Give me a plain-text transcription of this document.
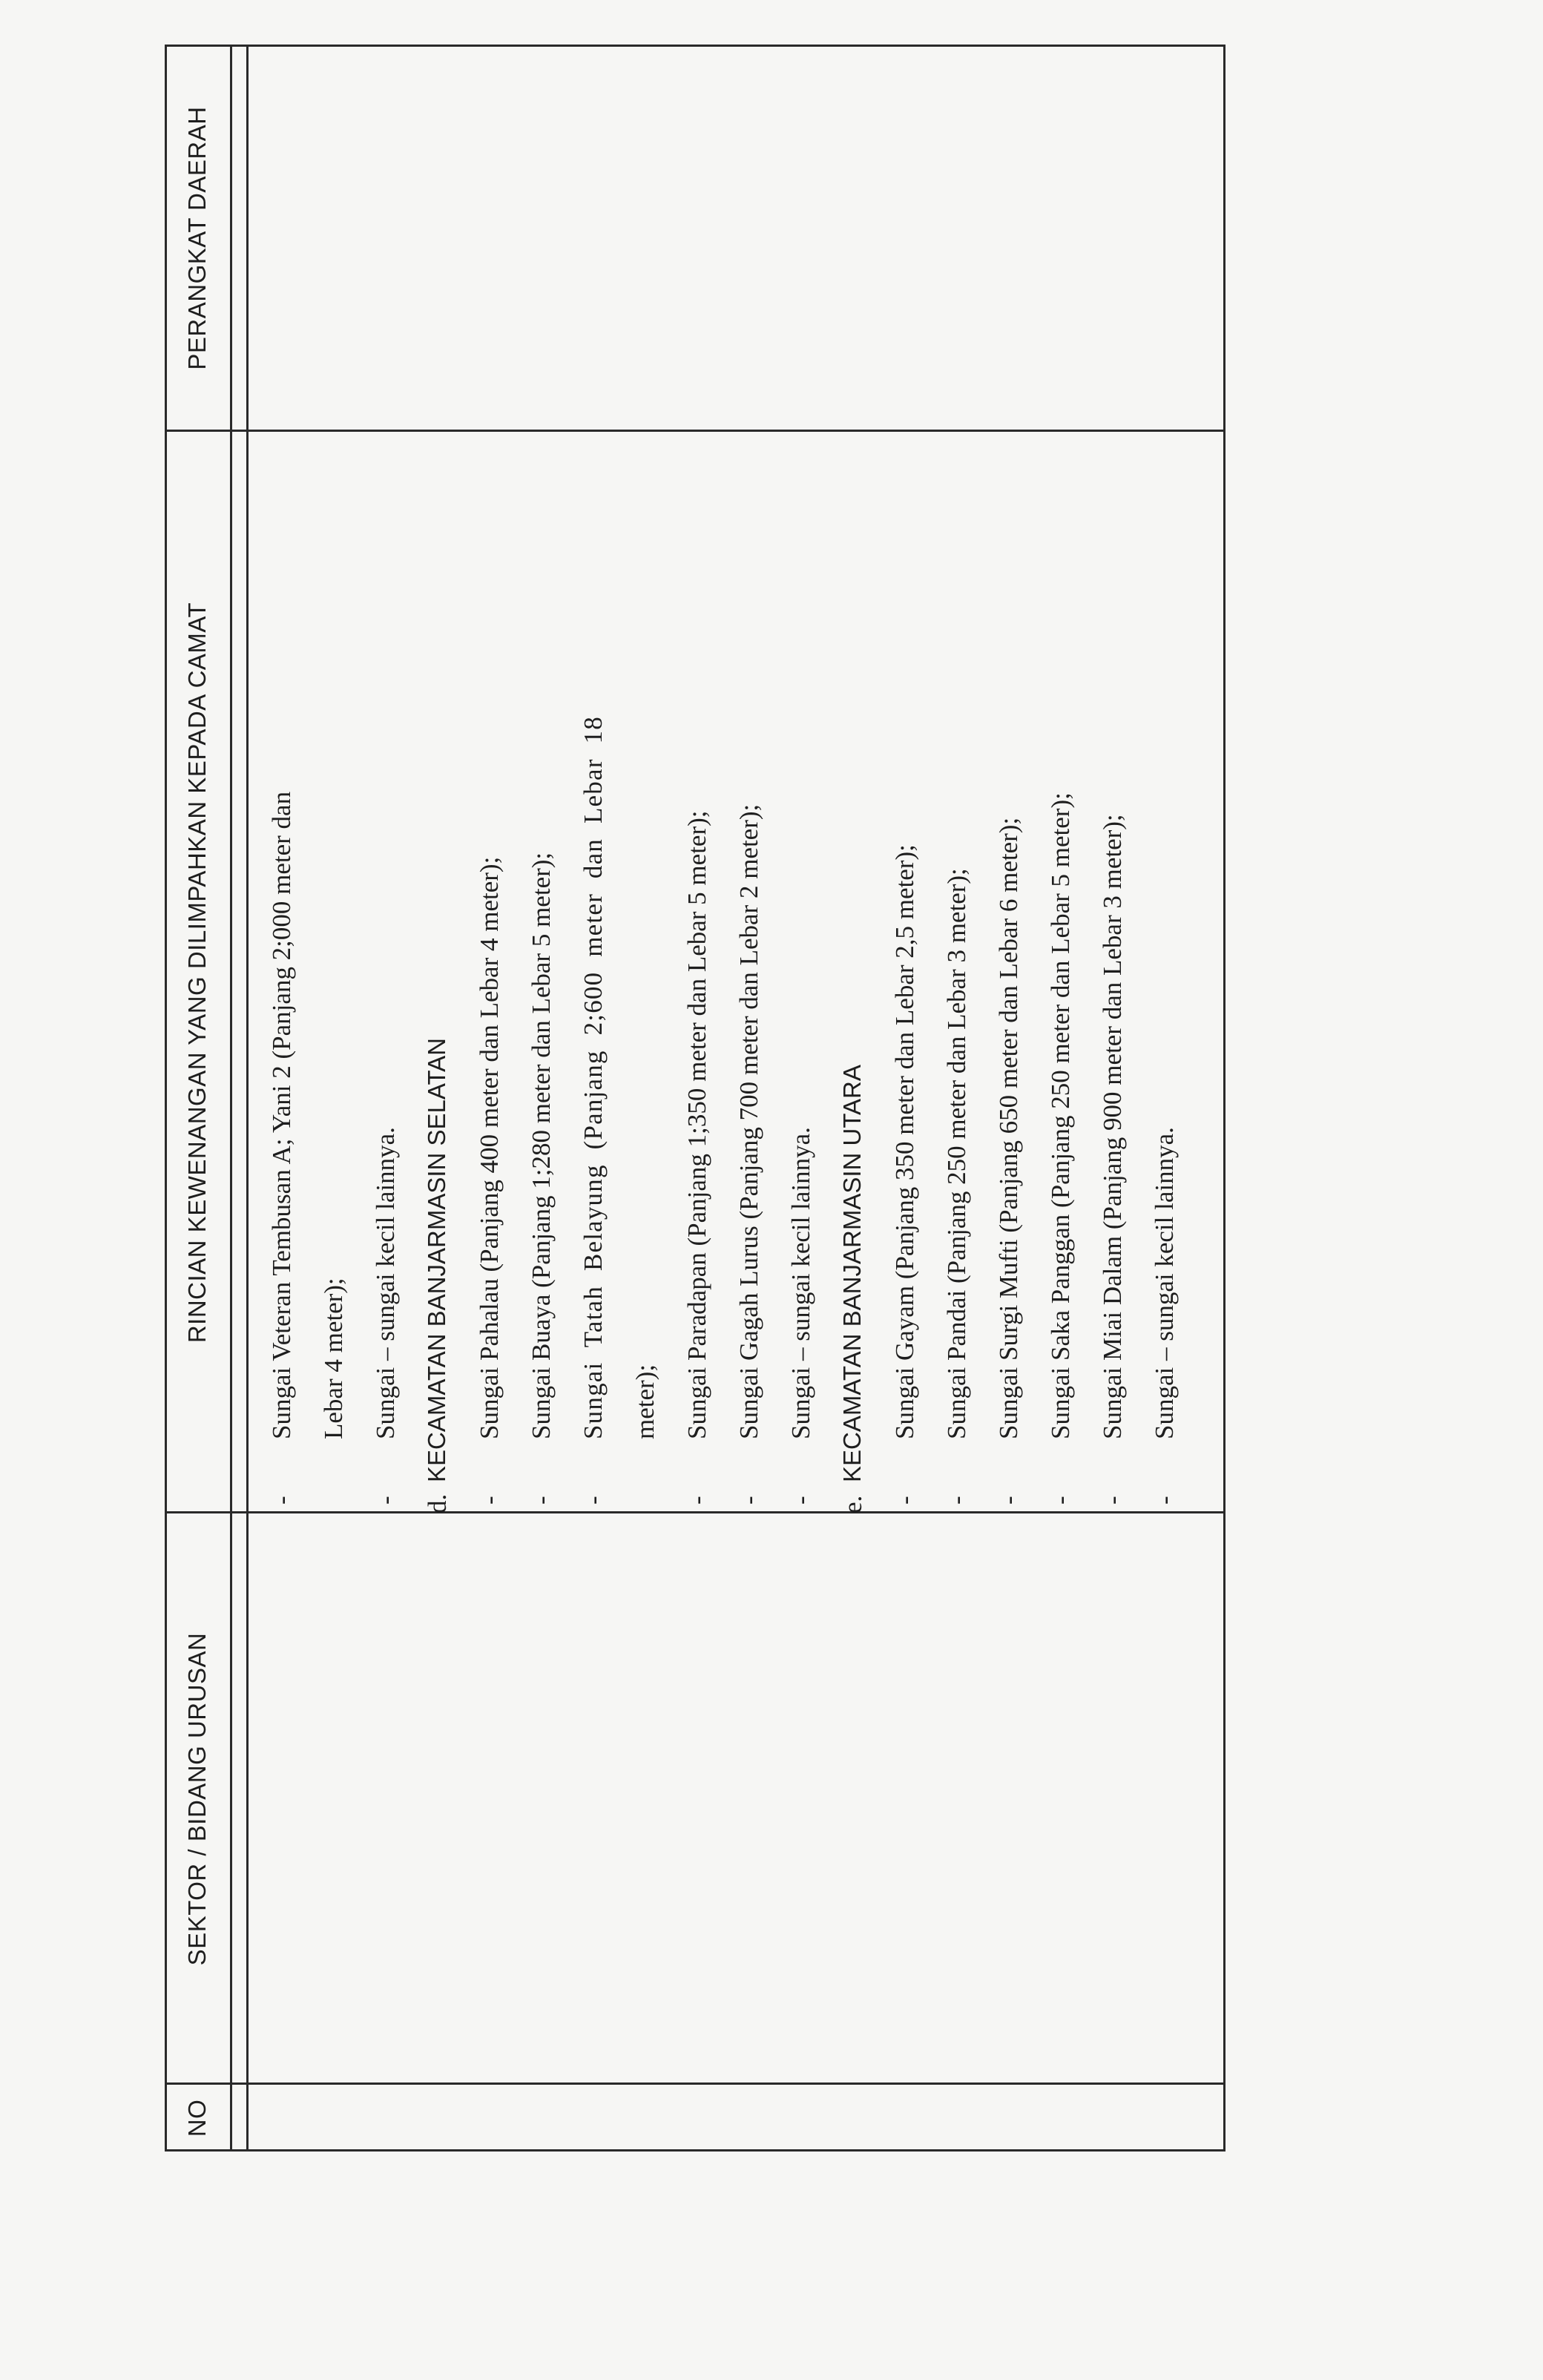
NO
SEKTOR / BIDANG URUSAN
RINCIAN KEWENANGAN YANG DILIMPAHKAN KEPADA CAMAT
PERANGKAT DAERAH
-
Sungai Veteran Tembusan A; Yani 2 (Panjang 2;000 meter dan Lebar 4 meter);
-
Sungai – sungai kecil lainnya.
d.
KECAMATAN BANJARMASIN SELATAN
-
Sungai Pahalau (Panjang 400 meter dan Lebar 4 meter);
-
Sungai Buaya (Panjang 1;280 meter dan Lebar 5 meter);
-
Sungai Tatah Belayung (Panjang 2;600 meter dan Lebar 18 meter);
-
Sungai Paradapan (Panjang 1;350 meter dan Lebar 5 meter);
-
Sungai Gagah Lurus (Panjang 700 meter dan Lebar 2 meter);
-
Sungai – sungai kecil lainnya.
e.
KECAMATAN BANJARMASIN UTARA
-
Sungai Gayam (Panjang 350 meter dan Lebar 2,5 meter);
-
Sungai Pandai (Panjang 250 meter dan Lebar 3 meter);
-
Sungai Surgi Mufti (Panjang 650 meter dan Lebar 6 meter);
-
Sungai Saka Panggan (Panjang 250 meter dan Lebar 5 meter);
-
Sungai Miai Dalam (Panjang 900 meter dan Lebar 3 meter);
-
Sungai – sungai kecil lainnya.
